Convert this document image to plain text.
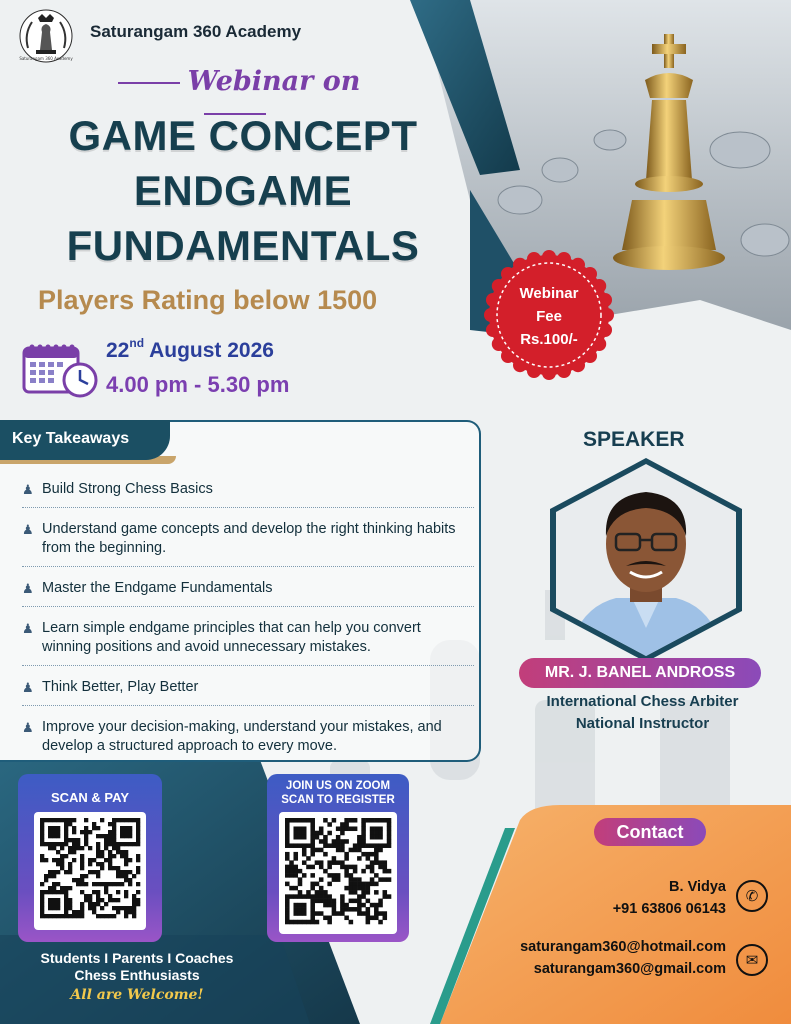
Saturangam 360 Academy
Saturangam 360 Academy
Webinar on
GAME CONCEPT
ENDGAME
FUNDAMENTALS
Players Rating below 1500
22nd August 2026
4.00 pm - 5.30 pm
Webinar
Fee
Rs.100/-
Key Takeaways
♟ Build Strong Chess Basics
♟ Understand game concepts and develop the right thinking habits from the beginning.
♟ Master the Endgame Fundamentals
♟ Learn simple endgame principles that can help you convert winning positions and avoid unnecessary mistakes.
♟ Think Better, Play Better
♟ Improve your decision-making, understand your mistakes, and develop a structured approach to every move.
SPEAKER
MR. J. BANEL ANDROSS
International Chess Arbiter
National Instructor
SCAN & PAY
JOIN US ON ZOOM
SCAN TO REGISTER
Students I Parents I Coaches
Chess Enthusiasts
All are Welcome!
Contact
B. Vidya
+91 63806 06143
✆
saturangam360@hotmail.com
saturangam360@gmail.com	✉
